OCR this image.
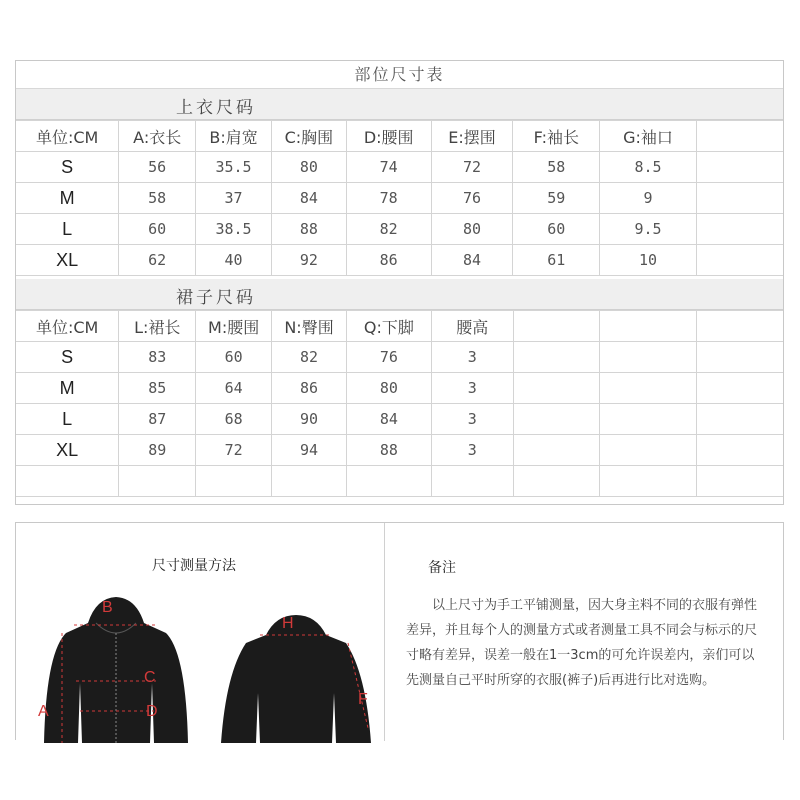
部位尺寸表
上衣尺码
单位:CM	A:衣长	B:肩宽	C:胸围	D:腰围	E:摆围	F:袖长	G:袖口	
S	56	35.5	80	74	72	58	8.5	
M	58	37	84	78	76	59	9	
L	60	38.5	88	82	80	60	9.5	
XL	62	40	92	86	84	61	10	
裙子尺码
单位:CM	L:裙长	M:腰围	N:臀围	Q:下脚	腰高			
S	83	60	82	76	3			
M	85	64	86	80	3			
L	87	68	90	84	3			
XL	89	72	94	88	3			

尺寸测量方法
B
C
D
A
H
F
备注
以上尺寸为手工平铺测量，因大身主料不同的衣服有弹性差异，并且每个人的测量方式或者测量工具不同会与标示的尺寸略有差异，误差一般在1一3cm的可允许误差内，亲们可以先测量自己平时所穿的衣服(裤子)后再进行比对选购。
